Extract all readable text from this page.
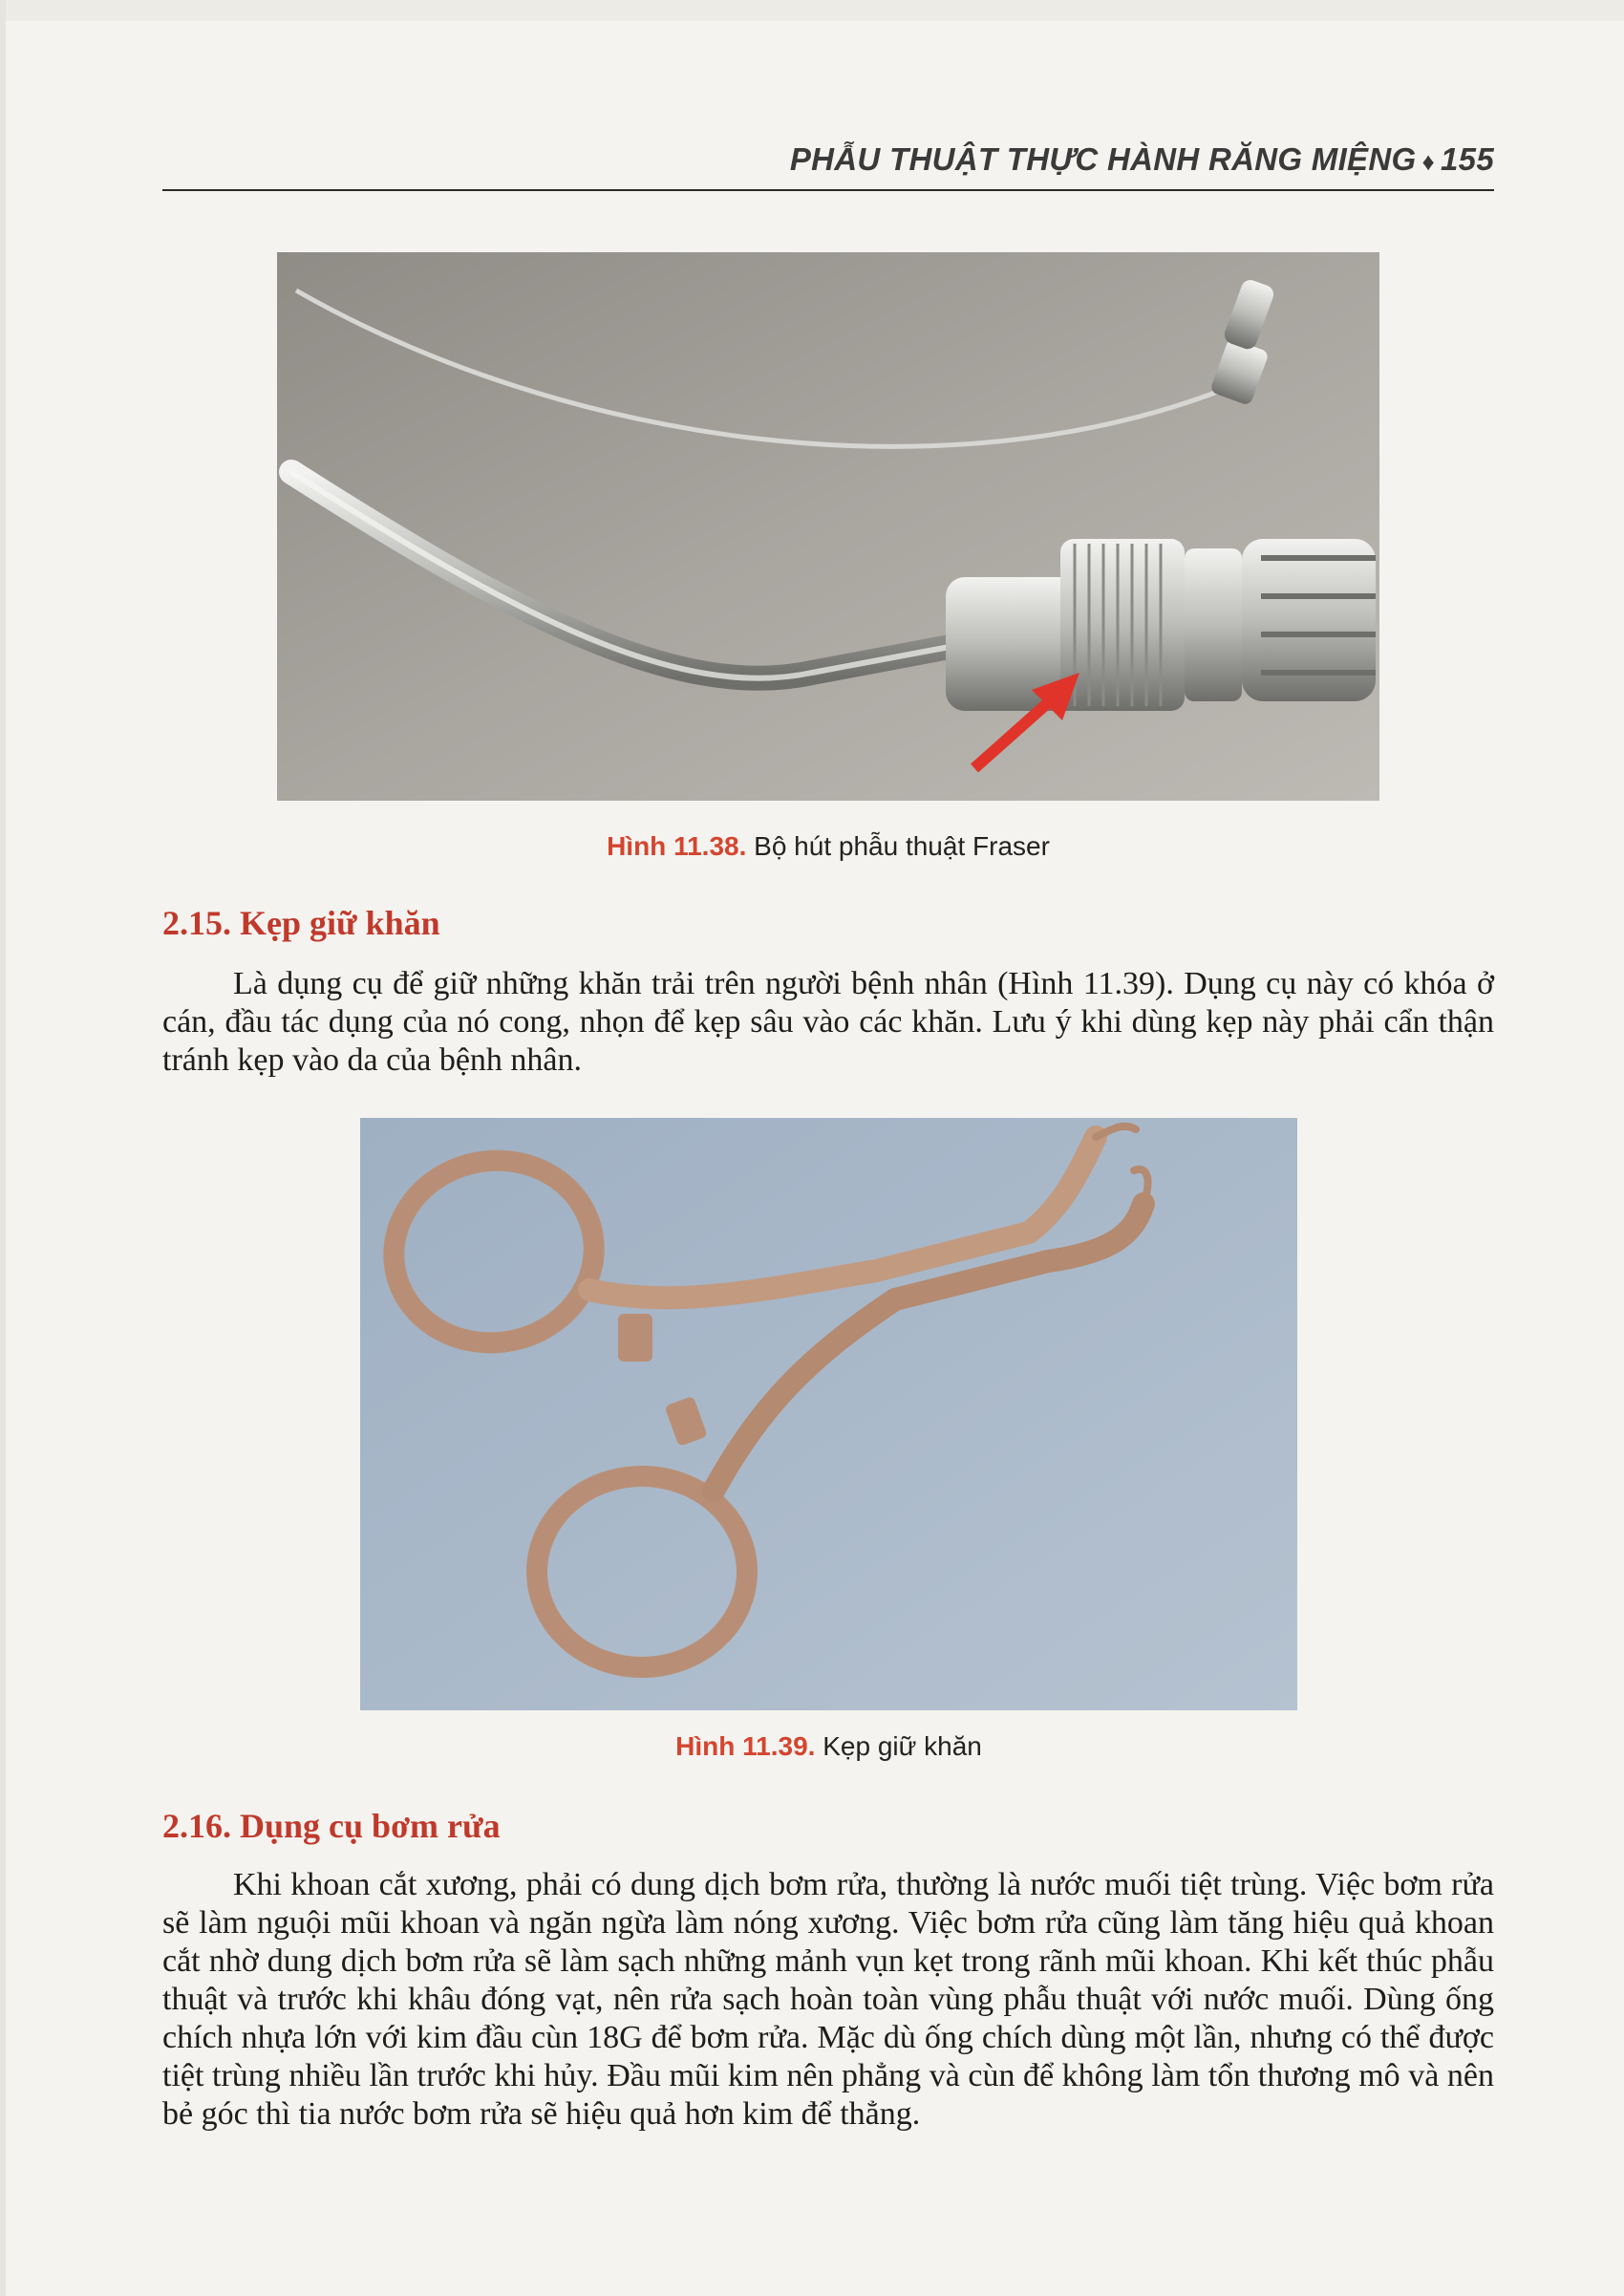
PHẪU THUẬT THỰC HÀNH RĂNG MIỆNG ♦ 155
Hình 11.38. Bộ hút phẫu thuật Fraser
2.15. Kẹp giữ khăn

Là dụng cụ để giữ những khăn trải trên người bệnh nhân (Hình 11.39). Dụng cụ này có khóa ở cán, đầu tác dụng của nó cong, nhọn để kẹp sâu vào các khăn. Lưu ý khi dùng kẹp này phải cẩn thận tránh kẹp vào da của bệnh nhân.

Hình 11.39. Kẹp giữ khăn
2.16. Dụng cụ bơm rửa

Khi khoan cắt xương, phải có dung dịch bơm rửa, thường là nước muối tiệt trùng. Việc bơm rửa sẽ làm nguội mũi khoan và ngăn ngừa làm nóng xương. Việc bơm rửa cũng làm tăng hiệu quả khoan cắt nhờ dung dịch bơm rửa sẽ làm sạch những mảnh vụn kẹt trong rãnh mũi khoan. Khi kết thúc phẫu thuật và trước khi khâu đóng vạt, nên rửa sạch hoàn toàn vùng phẫu thuật với nước muối. Dùng ống chích nhựa lớn với kim đầu cùn 18G để bơm rửa. Mặc dù ống chích dùng một lần, nhưng có thể được tiệt trùng nhiều lần trước khi hủy. Đầu mũi kim nên phẳng và cùn để không làm tổn thương mô và nên bẻ góc thì tia nước bơm rửa sẽ hiệu quả hơn kim để thẳng.
